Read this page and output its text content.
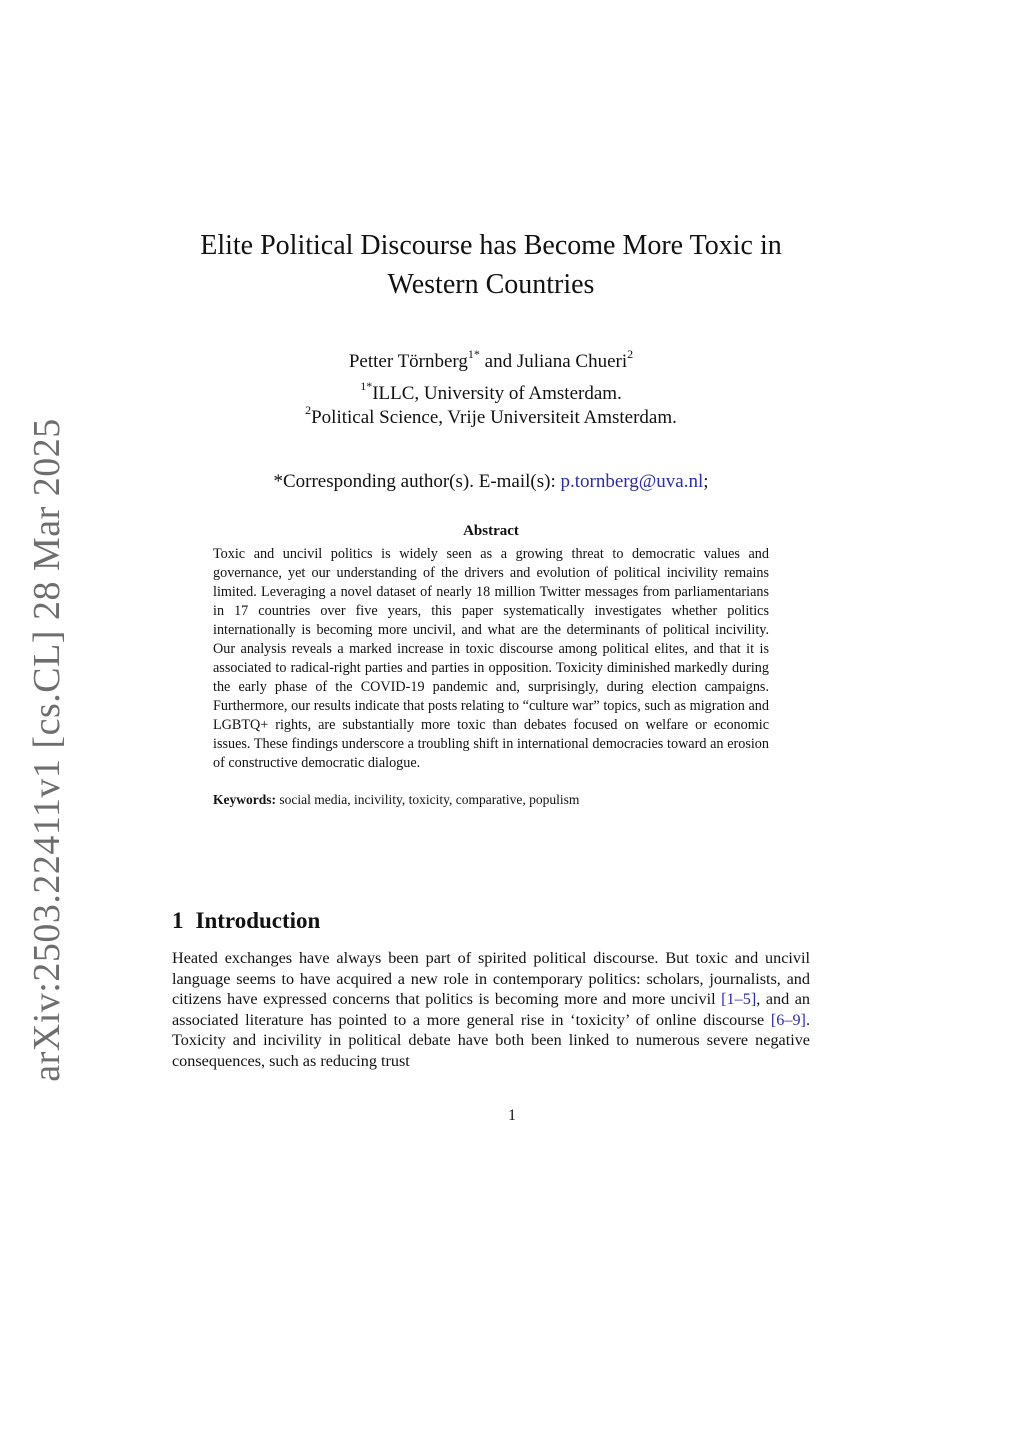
arXiv:2503.22411v1 [cs.CL] 28 Mar 2025
Elite Political Discourse has Become More Toxic in
Western Countries
Petter Törnberg$^{1*}$ and Juliana Chueri$^2$
$^{1*}$ILLC, University of Amsterdam.
$^2$Political Science, Vrije Universiteit Amsterdam.
*Corresponding author(s). E-mail(s): p.tornberg@uva.nl;
Abstract

Toxic and uncivil politics is widely seen as a growing threat to democratic values and governance, yet our understanding of the drivers and evolution of political incivility remains limited. Leveraging a novel dataset of nearly 18 million Twitter messages from parliamentarians in 17 countries over five years, this paper systematically investigates whether politics internationally is becoming more uncivil, and what are the determinants of political incivility. Our analysis reveals a marked increase in toxic discourse among political elites, and that it is associated to radical-right parties and parties in opposition. Toxicity diminished markedly during the early phase of the COVID-19 pandemic and, surprisingly, during election campaigns. Furthermore, our results indicate that posts relating to “culture war” topics, such as migration and LGBTQ+ rights, are substantially more toxic than debates focused on welfare or economic issues. These findings underscore a troubling shift in international democracies toward an erosion of constructive democratic dialogue.

Keywords: social media, incivility, toxicity, comparative, populism
1 Introduction

Heated exchanges have always been part of spirited political discourse. But toxic and uncivil language seems to have acquired a new role in contemporary politics: scholars, journalists, and citizens have expressed concerns that politics is becoming more and more uncivil [1–5], and an associated literature has pointed to a more general rise in ‘toxicity’ of online discourse [6–9]. Toxicity and incivility in political debate have both been linked to numerous severe negative consequences, such as reducing trust

1
